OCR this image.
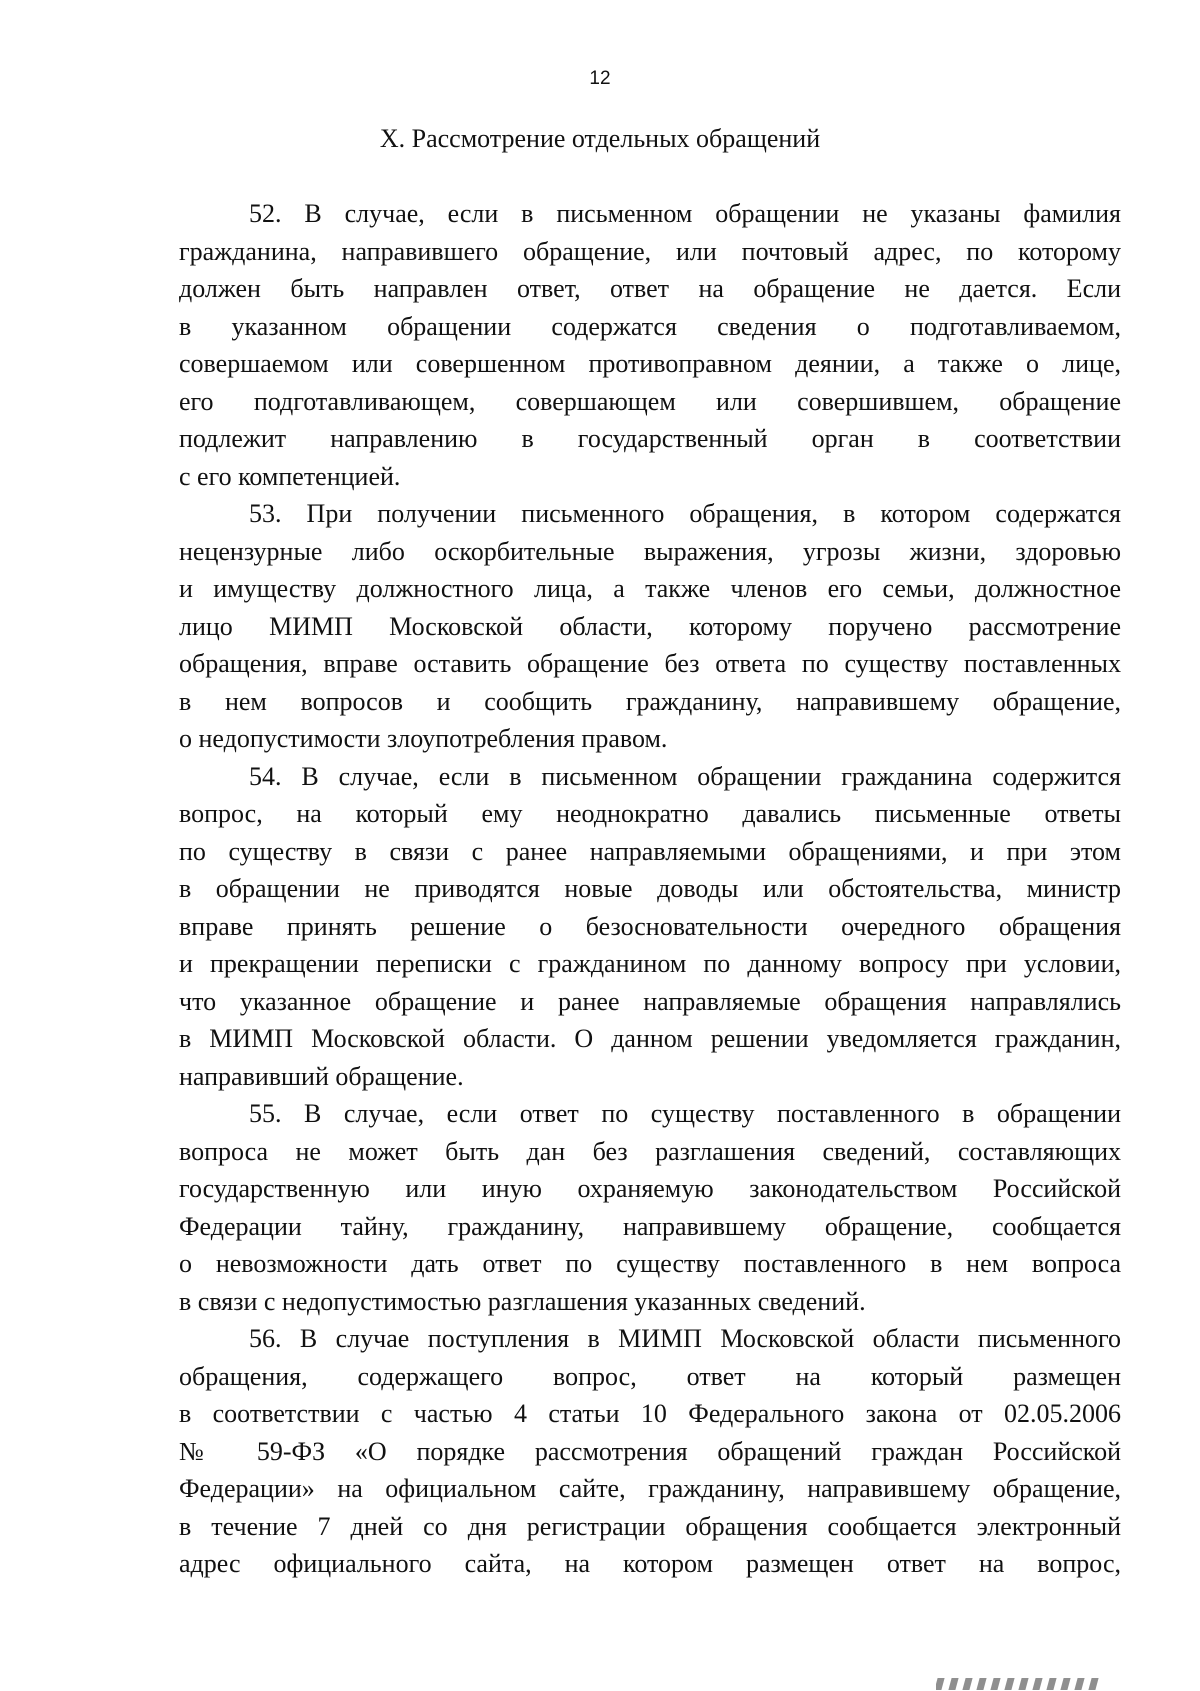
12
X. Рассмотрение отдельных обращений
52. В случае, если в письменном обращении не указаны фамилия
гражданина, направившего обращение, или почтовый адрес, по которому
должен быть направлен ответ, ответ на обращение не дается. Если
в указанном обращении содержатся сведения о подготавливаемом,
совершаемом или совершенном противоправном деянии, а также о лице,
его подготавливающем, совершающем или совершившем, обращение
подлежит направлению в государственный орган в соответствии
с его компетенцией.
53. При получении письменного обращения, в котором содержатся
нецензурные либо оскорбительные выражения, угрозы жизни, здоровью
и имуществу должностного лица, а также членов его семьи, должностное
лицо МИМП Московской области, которому поручено рассмотрение
обращения, вправе оставить обращение без ответа по существу поставленных
в нем вопросов и сообщить гражданину, направившему обращение,
о недопустимости злоупотребления правом.
54. В случае, если в письменном обращении гражданина содержится
вопрос, на который ему неоднократно давались письменные ответы
по существу в связи с ранее направляемыми обращениями, и при этом
в обращении не приводятся новые доводы или обстоятельства, министр
вправе принять решение о безосновательности очередного обращения
и прекращении переписки с гражданином по данному вопросу при условии,
что указанное обращение и ранее направляемые обращения направлялись
в МИМП Московской области. О данном решении уведомляется гражданин,
направивший обращение.
55. В случае, если ответ по существу поставленного в обращении
вопроса не может быть дан без разглашения сведений, составляющих
государственную или иную охраняемую законодательством Российской
Федерации тайну, гражданину, направившему обращение, сообщается
о невозможности дать ответ по существу поставленного в нем вопроса
в связи с недопустимостью разглашения указанных сведений.
56. В случае поступления в МИМП Московской области письменного
обращения, содержащего вопрос, ответ на который размещен
в соответствии с частью 4 статьи 10 Федерального закона от 02.05.2006
№ 59-ФЗ «О порядке рассмотрения обращений граждан Российской
Федерации» на официальном сайте, гражданину, направившему обращение,
в течение 7 дней со дня регистрации обращения сообщается электронный
адрес официального сайта, на котором размещен ответ на вопрос,
